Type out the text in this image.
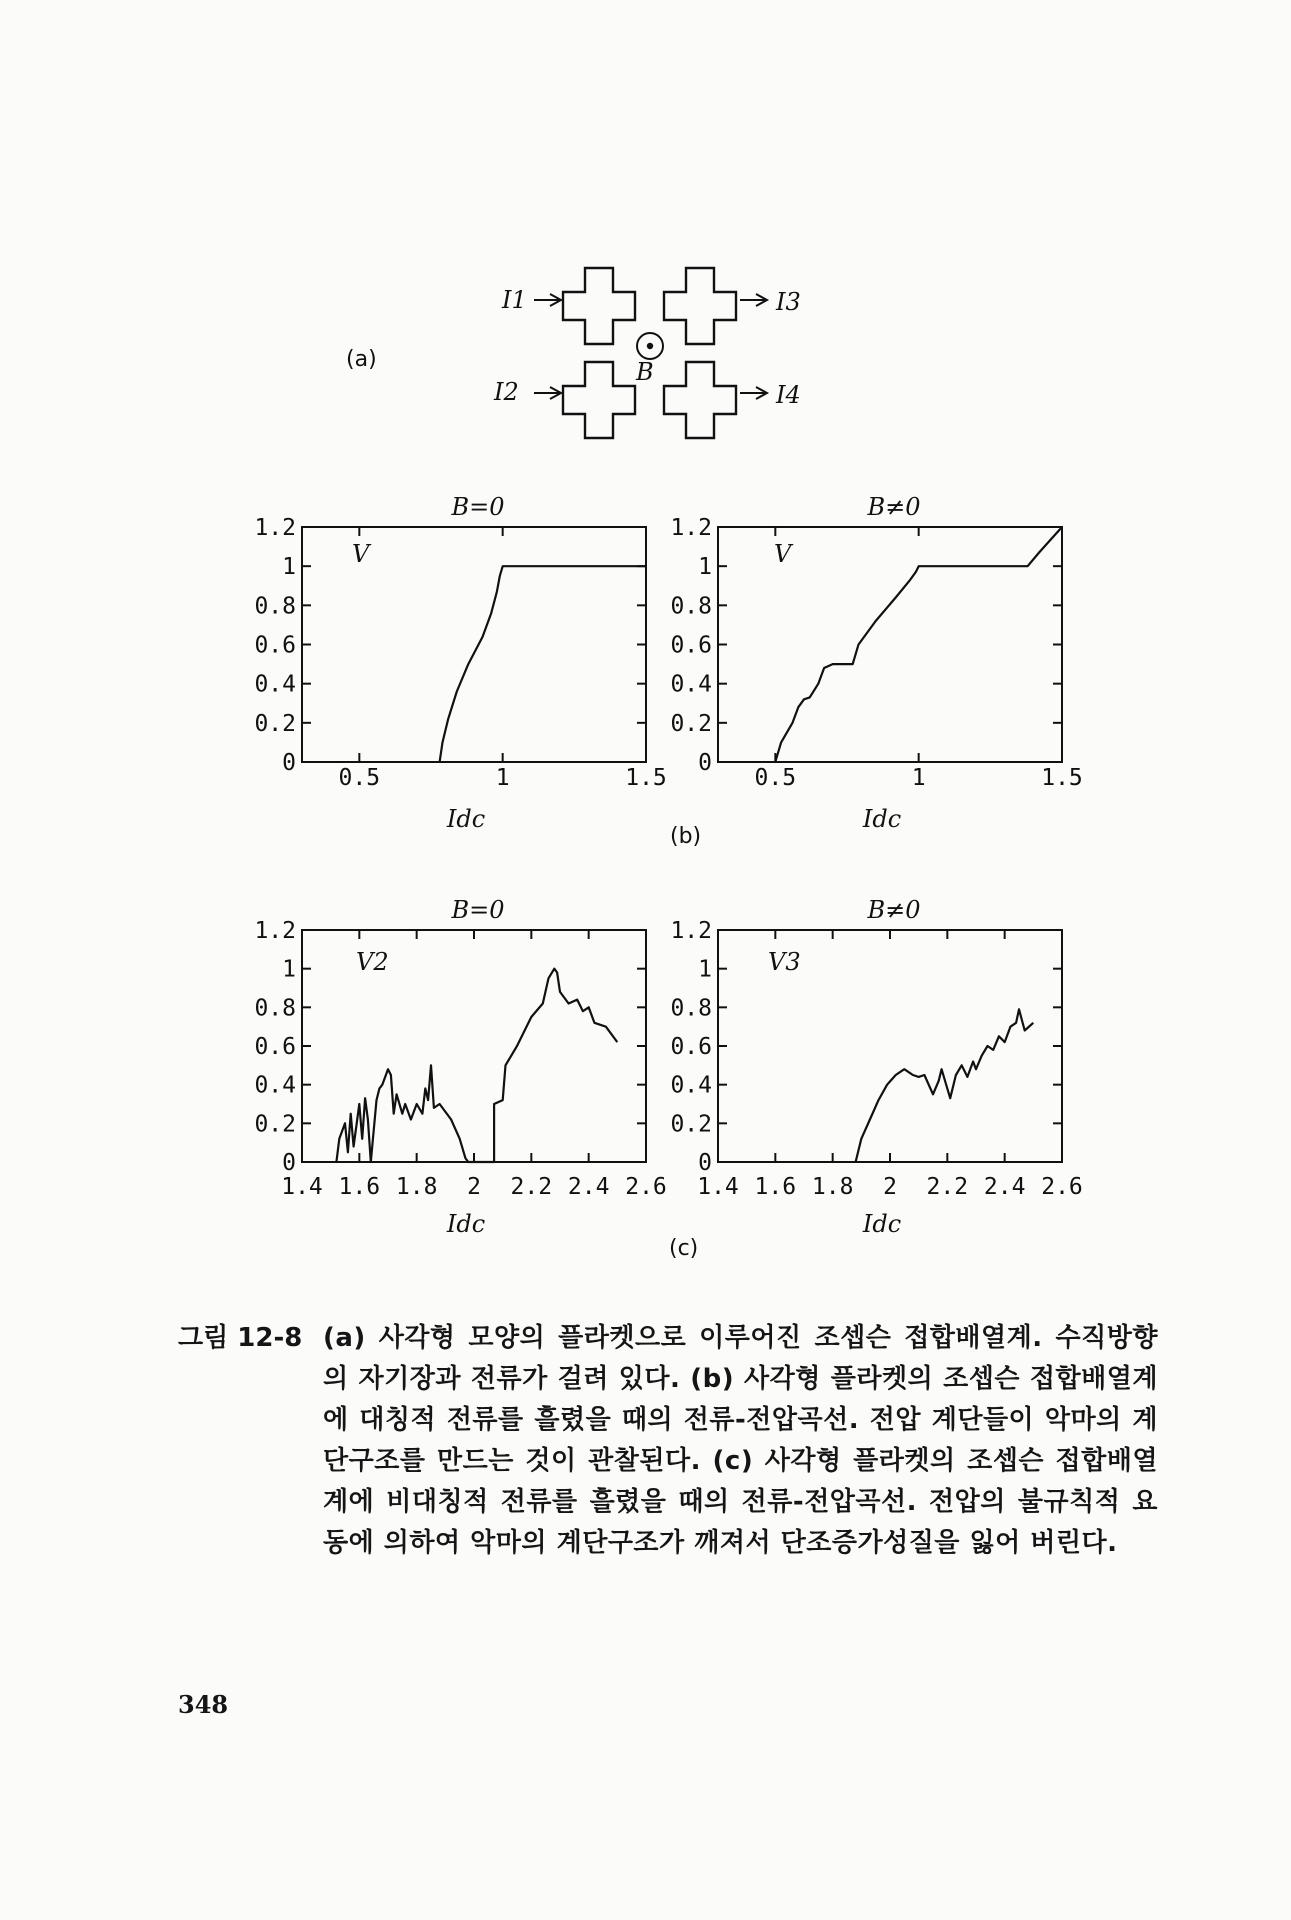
(a)
I1
I2
I3
I4
B
0
0.2
0.4
0.6
0.8
1
1.2
0.5	1	1.5
B=0
V
Idc
0
0.2
0.4
0.6
0.8
1
1.2
0.5	1	1.5
B≠0
V
Idc
0
0.2
0.4
0.6
0.8
1
1.2
1.4 1.6 1.8 2 2.2 2.4 2.6
B=0
V2
Idc
0
0.2
0.4
0.6
0.8
1
1.2
1.4 1.6 1.8 2 2.2 2.4 2.6
B≠0
V3
Idc
(b)
(c)
그림 12-8 (a) 사각형 모양의 플라켓으로 이루어진 조셉슨 접합배열계. 수직방향의 자기장과 전류가 걸려 있다. (b) 사각형 플라켓의 조셉슨 접합배열계에 대칭적 전류를 흘렸을 때의 전류-전압곡선. 전압 계단들이 악마의 계단구조를 만드는 것이 관찰된다. (c) 사각형 플라켓의 조셉슨 접합배열계에 비대칭적 전류를 흘렸을 때의 전류-전압곡선. 전압의 불규칙적 요동에 의하여 악마의 계단구조가 깨져서 단조증가성질을 잃어 버린다.
348
